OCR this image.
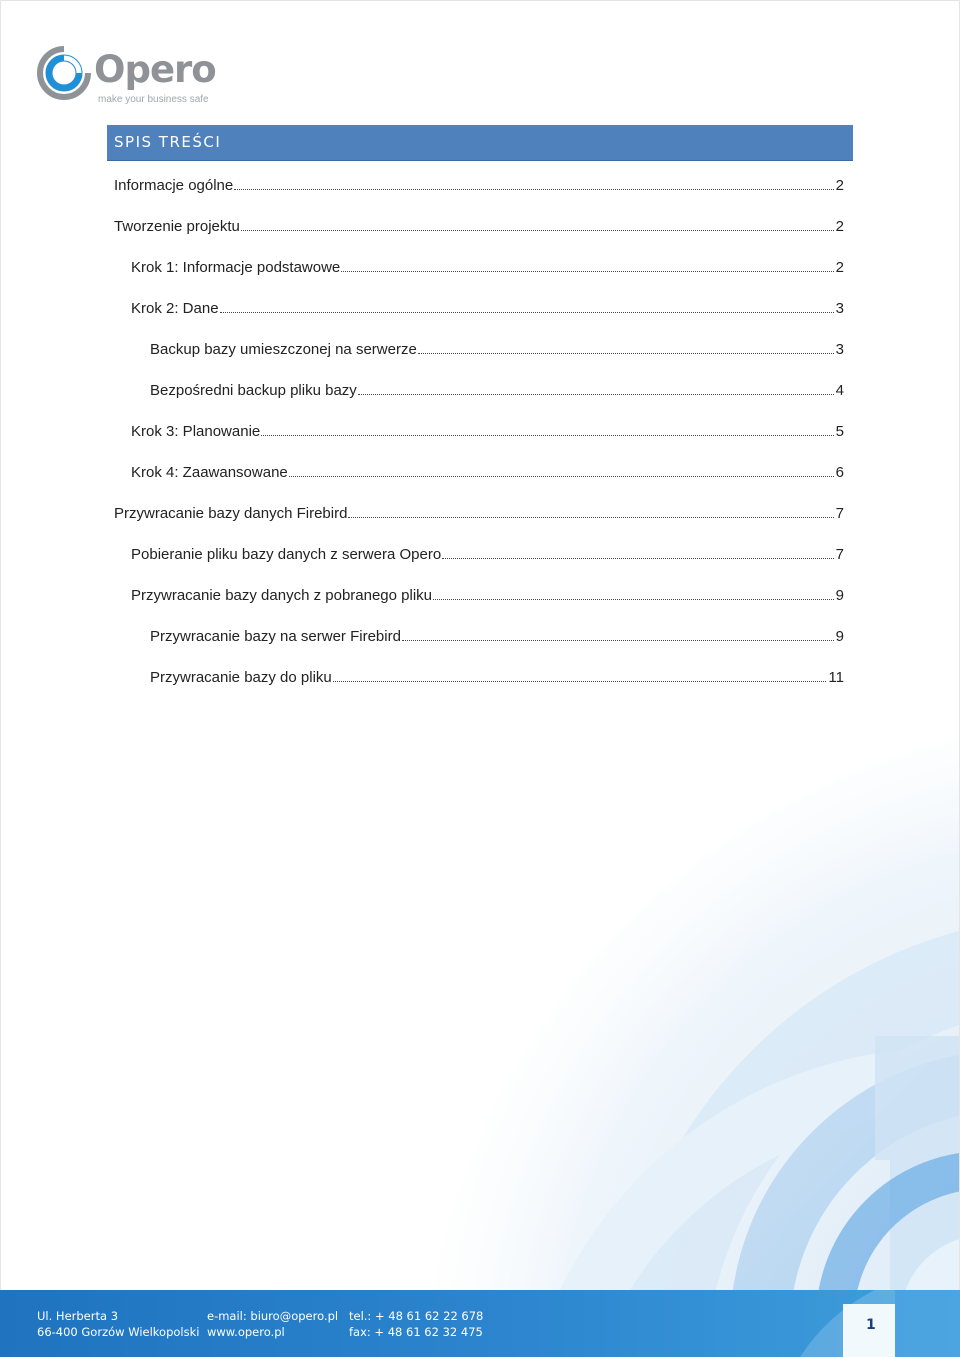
Opero
make your business safe
SPIS TREŚCI
Informacje ogólne	2
Tworzenie projektu	2
Krok 1: Informacje podstawowe	2
Krok 2: Dane	3
Backup bazy umieszczonej na serwerze	3
Bezpośredni backup pliku bazy	4
Krok 3: Planowanie	5
Krok 4: Zaawansowane	6
Przywracanie bazy danych Firebird	7
Pobieranie pliku bazy danych z serwera Opero	7
Przywracanie bazy danych z pobranego pliku	9
Przywracanie bazy na serwer Firebird	9
Przywracanie bazy do pliku	11
Ul. Herberta 3
66-400 Gorzów Wielkopolski
e-mail: biuro@opero.pl
www.opero.pl
tel.: + 48 61 62 22 678
fax: + 48 61 62 32 475	1
